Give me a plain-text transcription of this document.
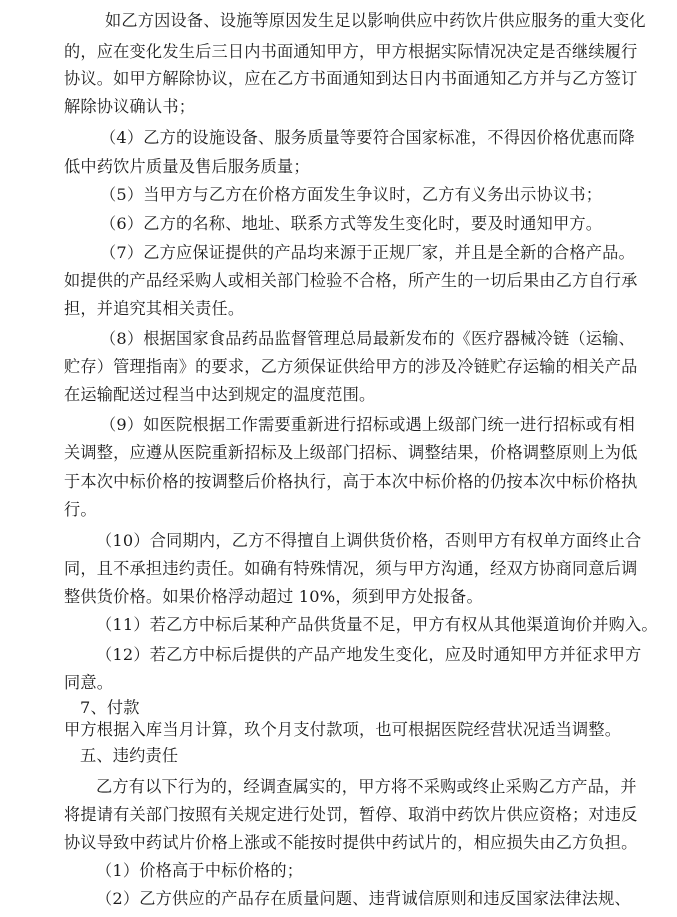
如乙方因设备、设施等原因发生足以影响供应中药饮片供应服务的重大变化
的，应在变化发生后三日内书面通知甲方，甲方根据实际情况决定是否继续履行
协议。如甲方解除协议，应在乙方书面通知到达日内书面通知乙方并与乙方签订
解除协议确认书；
（4）乙方的设施设备、服务质量等要符合国家标准，不得因价格优惠而降
低中药饮片质量及售后服务质量；
（5）当甲方与乙方在价格方面发生争议时，乙方有义务出示协议书；
（6）乙方的名称、地址、联系方式等发生变化时，要及时通知甲方。
（7）乙方应保证提供的产品均来源于正规厂家，并且是全新的合格产品。
如提供的产品经采购人或相关部门检验不合格，所产生的一切后果由乙方自行承
担，并追究其相关责任。
（8）根据国家食品药品监督管理总局最新发布的《医疗器械冷链（运输、
贮存）管理指南》的要求，乙方须保证供给甲方的涉及冷链贮存运输的相关产品
在运输配送过程当中达到规定的温度范围。
（9）如医院根据工作需要重新进行招标或遇上级部门统一进行招标或有相
关调整，应遵从医院重新招标及上级部门招标、调整结果，价格调整原则上为低
于本次中标价格的按调整后价格执行，高于本次中标价格的仍按本次中标价格执
行。
（10）合同期内，乙方不得擅自上调供货价格，否则甲方有权单方面终止合
同，且不承担违约责任。如确有特殊情况，须与甲方沟通，经双方协商同意后调
整供货价格。如果价格浮动超过 10%，须到甲方处报备。
（11）若乙方中标后某种产品供货量不足，甲方有权从其他渠道询价并购入。
（12）若乙方中标后提供的产品产地发生变化，应及时通知甲方并征求甲方
同意。
7、付款
甲方根据入库当月计算，玖个月支付款项，也可根据医院经营状况适当调整。
五、违约责任
乙方有以下行为的，经调查属实的，甲方将不采购或终止采购乙方产品，并
将提请有关部门按照有关规定进行处罚，暂停、取消中药饮片供应资格；对违反
协议导致中药试片价格上涨或不能按时提供中药试片的，相应损失由乙方负担。
（1）价格高于中标价格的；
（2）乙方供应的产品存在质量问题、违背诚信原则和违反国家法律法规、
